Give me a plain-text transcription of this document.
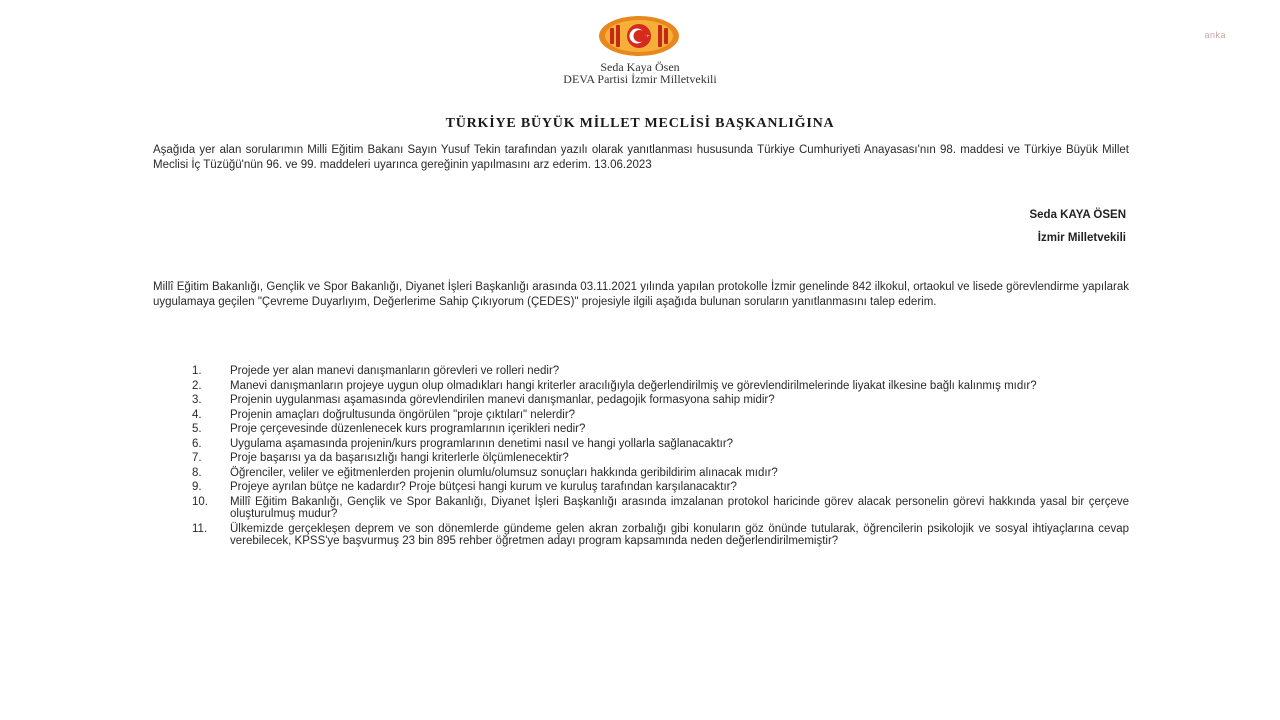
anka
Seda Kaya Ösen
DEVA Partisi İzmir Milletvekili
TÜRKİYE BÜYÜK MİLLET MECLİSİ BAŞKANLIĞINA
Aşağıda yer alan sorularımın Milli Eğitim Bakanı Sayın Yusuf Tekin tarafından yazılı olarak yanıtlanması hususunda Türkiye Cumhuriyeti Anayasası'nın 98. maddesi ve Türkiye Büyük Millet Meclisi İç Tüzüğü'nün 96. ve 99. maddeleri uyarınca gereğinin yapılmasını arz ederim. 13.06.2023
Seda KAYA ÖSEN
İzmir Milletvekili
Millî Eğitim Bakanlığı, Gençlik ve Spor Bakanlığı, Diyanet İşleri Başkanlığı arasında 03.11.2021 yılında yapılan protokolle İzmir genelinde 842 ilkokul, ortaokul ve lisede görevlendirme yapılarak uygulamaya geçilen "Çevreme Duyarlıyım, Değerlerime Sahip Çıkıyorum (ÇEDES)" projesiyle ilgili aşağıda bulunan soruların yanıtlanmasını talep ederim.
1. Projede yer alan manevi danışmanların görevleri ve rolleri nedir?
2. Manevi danışmanların projeye uygun olup olmadıkları hangi kriterler aracılığıyla değerlendirilmiş ve görevlendirilmelerinde liyakat ilkesine bağlı kalınmış mıdır?
3. Projenin uygulanması aşamasında görevlendirilen manevi danışmanlar, pedagojik formasyona sahip midir?
4. Projenin amaçları doğrultusunda öngörülen "proje çıktıları" nelerdir?
5. Proje çerçevesinde düzenlenecek kurs programlarının içerikleri nedir?
6. Uygulama aşamasında projenin/kurs programlarının denetimi nasıl ve hangi yollarla sağlanacaktır?
7. Proje başarısı ya da başarısızlığı hangi kriterlerle ölçümlenecektir?
8. Öğrenciler, veliler ve eğitmenlerden projenin olumlu/olumsuz sonuçları hakkında geribildirim alınacak mıdır?
9. Projeye ayrılan bütçe ne kadardır? Proje bütçesi hangi kurum ve kuruluş tarafından karşılanacaktır?
10. Millî Eğitim Bakanlığı, Gençlik ve Spor Bakanlığı, Diyanet İşleri Başkanlığı arasında imzalanan protokol haricinde görev alacak personelin görevi hakkında yasal bir çerçeve oluşturulmuş mudur?
11. Ülkemizde gerçekleşen deprem ve son dönemlerde gündeme gelen akran zorbalığı gibi konuların göz önünde tutularak, öğrencilerin psikolojik ve sosyal ihtiyaçlarına cevap verebilecek, KPSS'ye başvurmuş 23 bin 895 rehber öğretmen adayı program kapsamında neden değerlendirilmemiştir?
